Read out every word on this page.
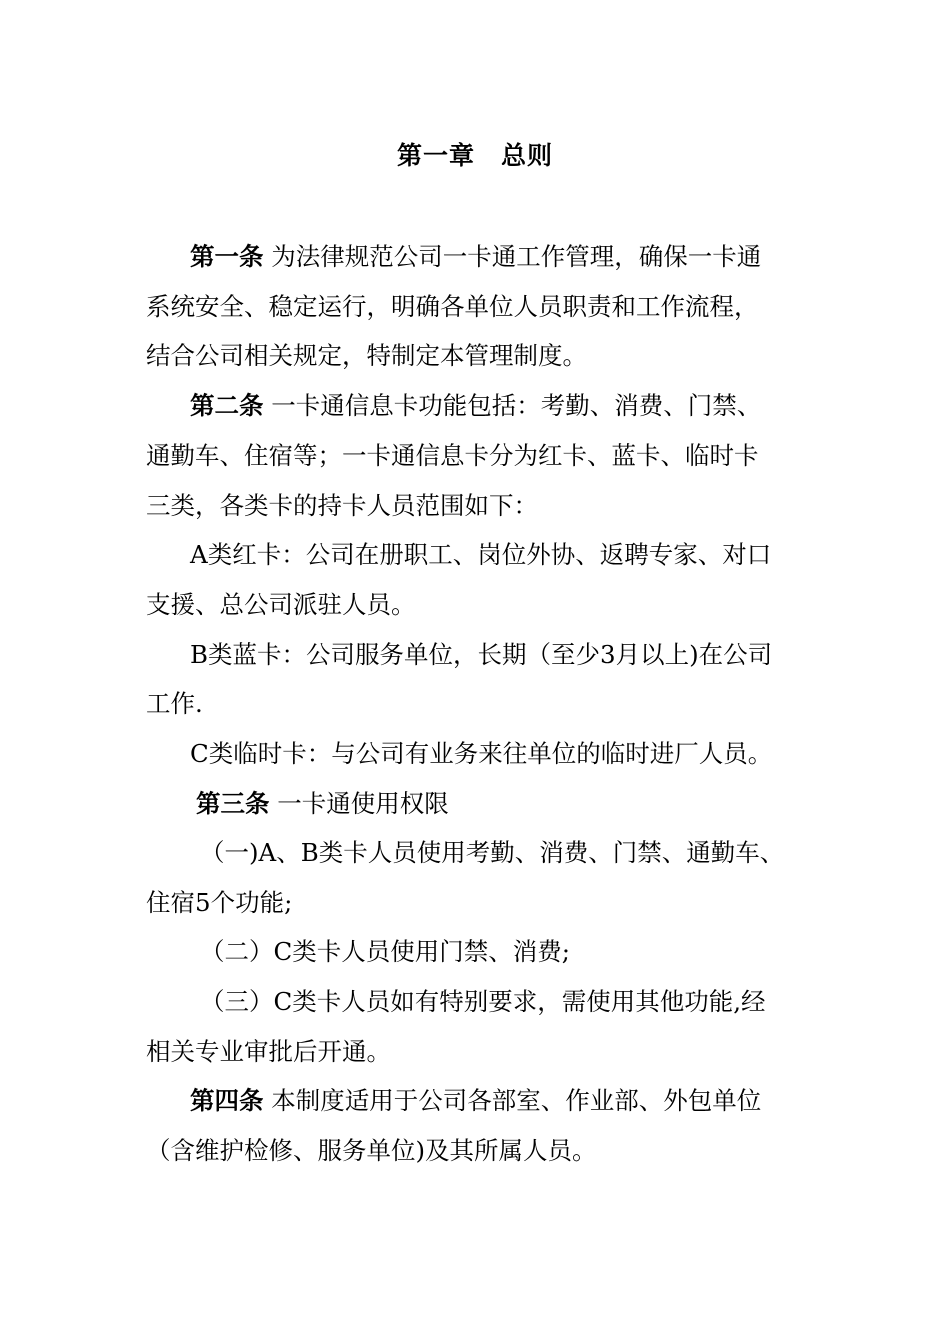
第一章　总则
第一条 为法律规范公司一卡通工作管理，确保一卡通
系统安全、稳定运行，明确各单位人员职责和工作流程，
结合公司相关规定，特制定本管理制度。
第二条 一卡通信息卡功能包括：考勤、消费、门禁、
通勤车、住宿等；一卡通信息卡分为红卡、蓝卡、临时卡
三类，各类卡的持卡人员范围如下：
A类红卡：公司在册职工、岗位外协、返聘专家、对口
支援、总公司派驻人员。
B类蓝卡：公司服务单位，长期（至少3月以上)在公司
工作.
C类临时卡：与公司有业务来往单位的临时进厂人员。
第三条 一卡通使用权限
（一)A、B类卡人员使用考勤、消费、门禁、通勤车、
住宿5个功能;
（二）C类卡人员使用门禁、消费;
（三）C类卡人员如有特别要求，需使用其他功能,经
相关专业审批后开通。
第四条 本制度适用于公司各部室、作业部、外包单位
（含维护检修、服务单位)及其所属人员。
